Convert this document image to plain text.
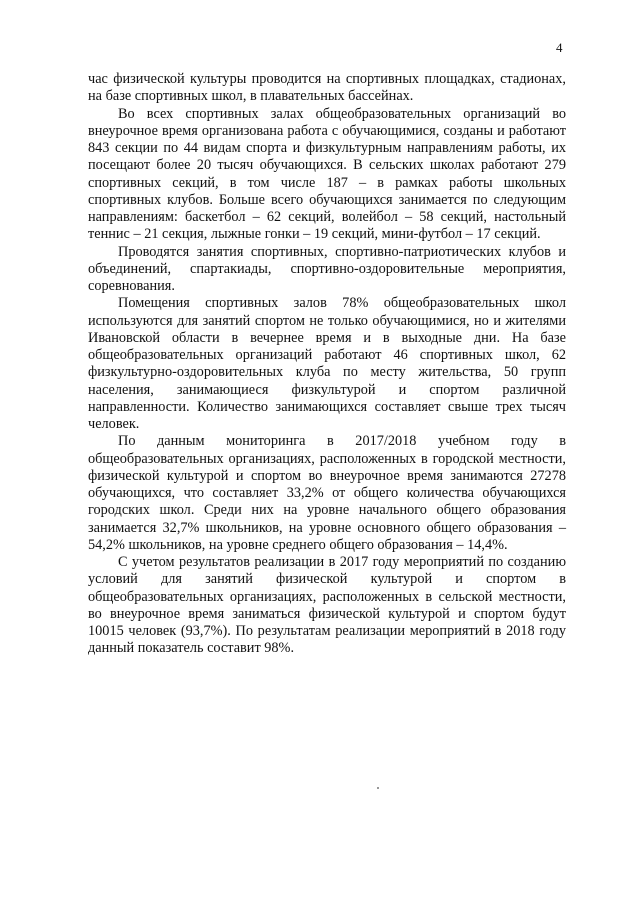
4

час физической культуры проводится на спортивных площадках, стадионах, на базе спортивных школ, в плавательных бассейнах.

Во всех спортивных залах общеобразовательных организаций во внеурочное время организована работа с обучающимися, созданы и работают 843 секции по 44 видам спорта и физкультурным направлениям работы, их посещают более 20 тысяч обучающихся. В сельских школах работают 279 спортивных секций, в том числе 187 – в рамках работы школьных спортивных клубов. Больше всего обучающихся занимается по следующим направлениям: баскетбол – 62 секций, волейбол – 58 секций, настольный теннис – 21 секция, лыжные гонки – 19 секций, мини-футбол – 17 секций.

Проводятся занятия спортивных, спортивно-патриотических клубов и объединений, спартакиады, спортивно-оздоровительные мероприятия, соревнования.

Помещения спортивных залов 78% общеобразовательных школ используются для занятий спортом не только обучающимися, но и жителями Ивановской области в вечернее время и в выходные дни. На базе общеобразовательных организаций работают 46 спортивных школ, 62 физкультурно-оздоровительных клуба по месту жительства, 50 групп населения, занимающиеся физкультурой и спортом различной направленности. Количество занимающихся составляет свыше трех тысяч человек.

По данным мониторинга в 2017/2018 учебном году в общеобразовательных организациях, расположенных в городской местности, физической культурой и спортом во внеурочное время занимаются 27278 обучающихся, что составляет 33,2% от общего количества обучающихся городских школ. Среди них на уровне начального общего образования занимается 32,7% школьников, на уровне основного общего образования – 54,2% школьников, на уровне среднего общего образования – 14,4%.

С учетом результатов реализации в 2017 году мероприятий по созданию условий для занятий физической культурой и спортом в общеобразовательных организациях, расположенных в сельской местности, во внеурочное время заниматься физической культурой и спортом будут 10015 человек (93,7%). По результатам реализации мероприятий в 2018 году данный показатель составит 98%.
